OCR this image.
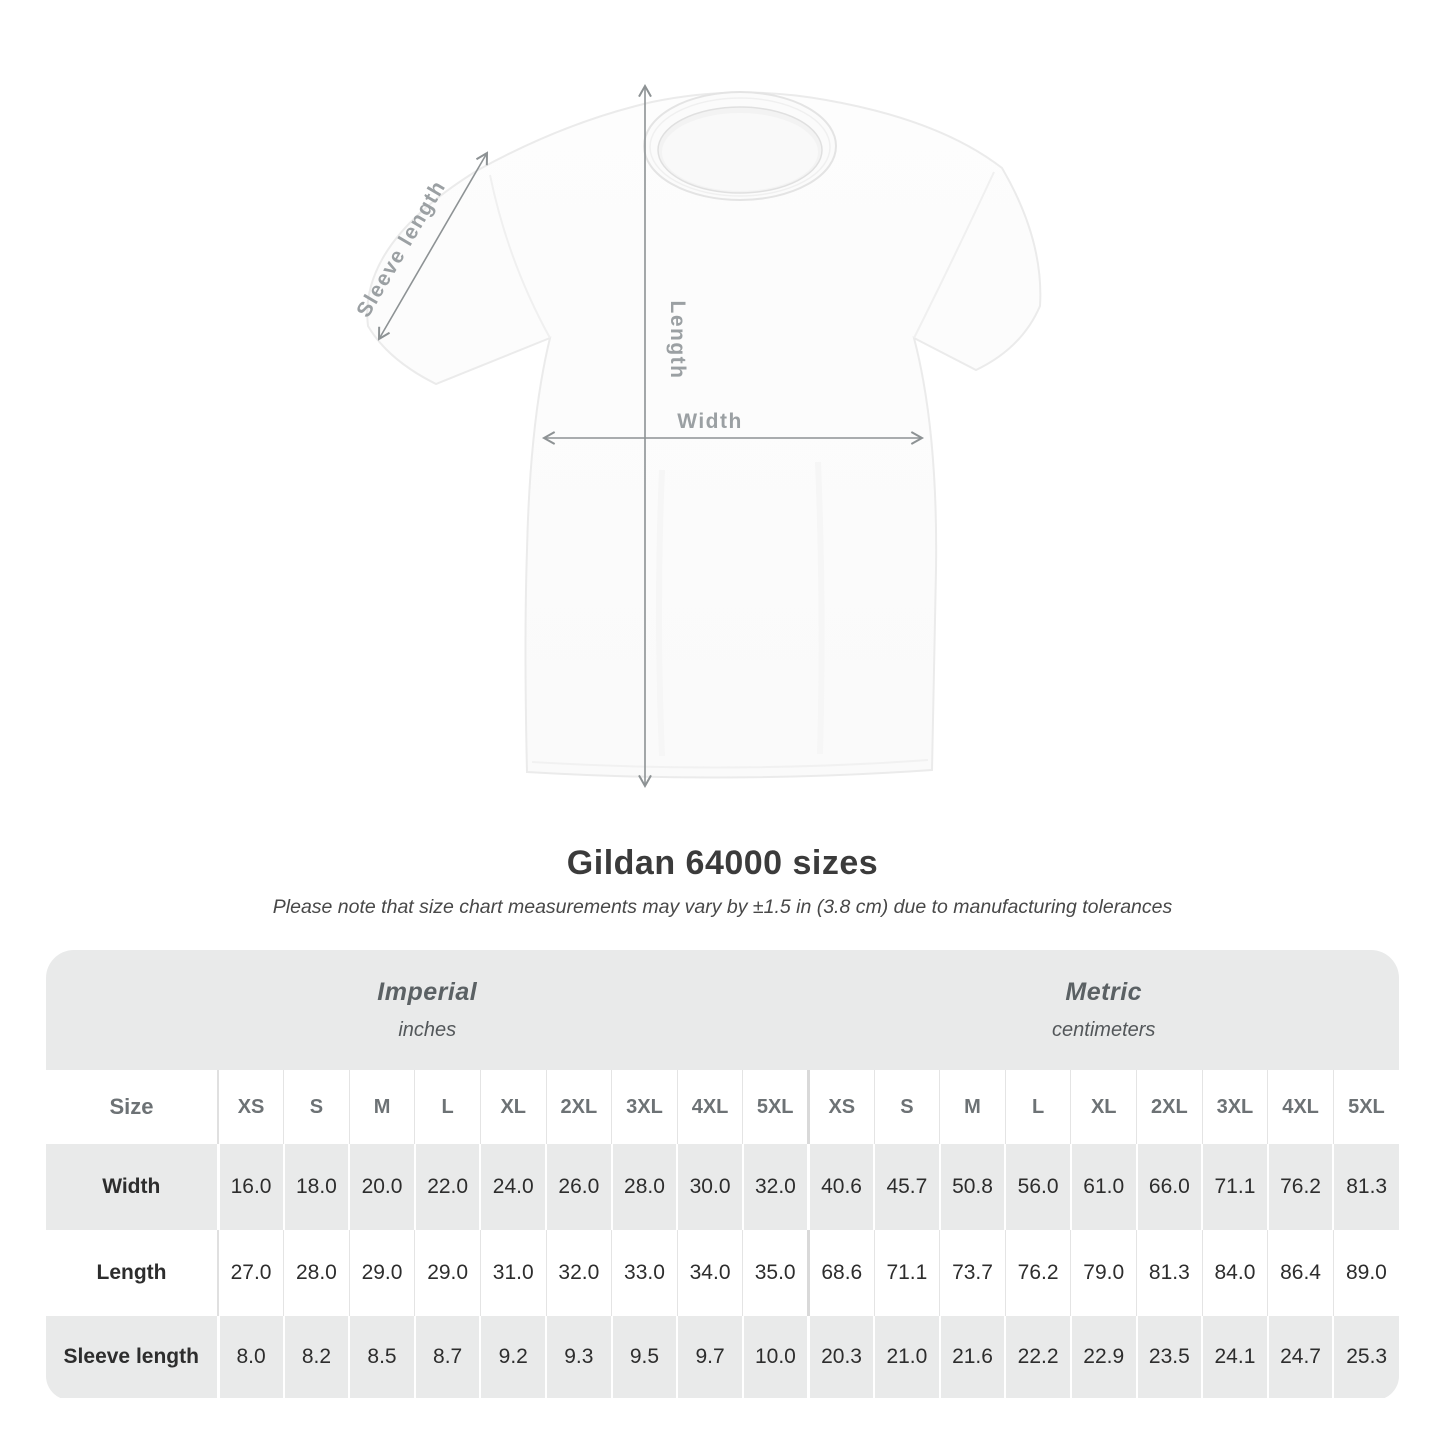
Sleeve length
Length
Width
Gildan 64000 sizes
Please note that size chart measurements may vary by ±1.5 in (3.8 cm) due to manufacturing tolerances
Imperial
inches

Metric
centimeters

Size	XS	S	M	L	XL	2XL	3XL	4XL	5XL	XS	S	M	L	XL	2XL	3XL	4XL	5XL
Width	16.0	18.0	20.0	22.0	24.0	26.0	28.0	30.0	32.0	40.6	45.7	50.8	56.0	61.0	66.0	71.1	76.2	81.3
Length	27.0	28.0	29.0	29.0	31.0	32.0	33.0	34.0	35.0	68.6	71.1	73.7	76.2	79.0	81.3	84.0	86.4	89.0
Sleeve length	8.0	8.2	8.5	8.7	9.2	9.3	9.5	9.7	10.0	20.3	21.0	21.6	22.2	22.9	23.5	24.1	24.7	25.3
